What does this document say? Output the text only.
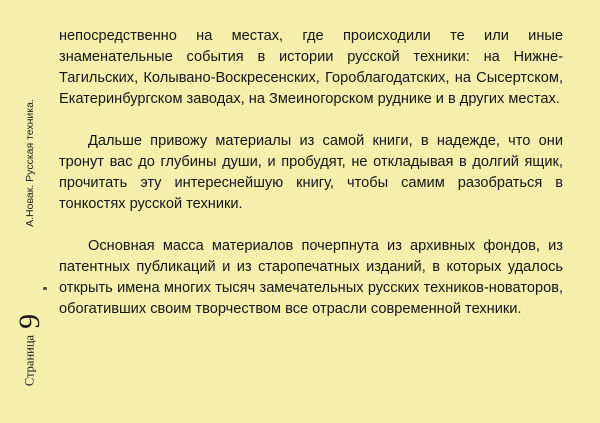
А.Новак. Русская техника.
Страница 9

непосредственно на местах, где происходили те или иные знаменательные события в истории русской техники: на Нижне-Тагильских, Колывано-Воскресенских, Гороблагодатских, на Сысертском, Екатеринбургском заводах, на Змеиногорском руднике и в других местах.

Дальше привожу материалы из самой книги, в надежде, что они тронут вас до глубины души, и пробудят, не откладывая в долгий ящик, прочитать эту интереснейшую книгу, чтобы самим разобраться в тонкостях русской техники.

Основная масса материалов почерпнута из архивных фондов, из патентных публикаций и из старопечатных изданий, в которых удалось открыть имена многих тысяч замечательных русских техников-новаторов, обогативших своим творчеством все отрасли современной техники.
